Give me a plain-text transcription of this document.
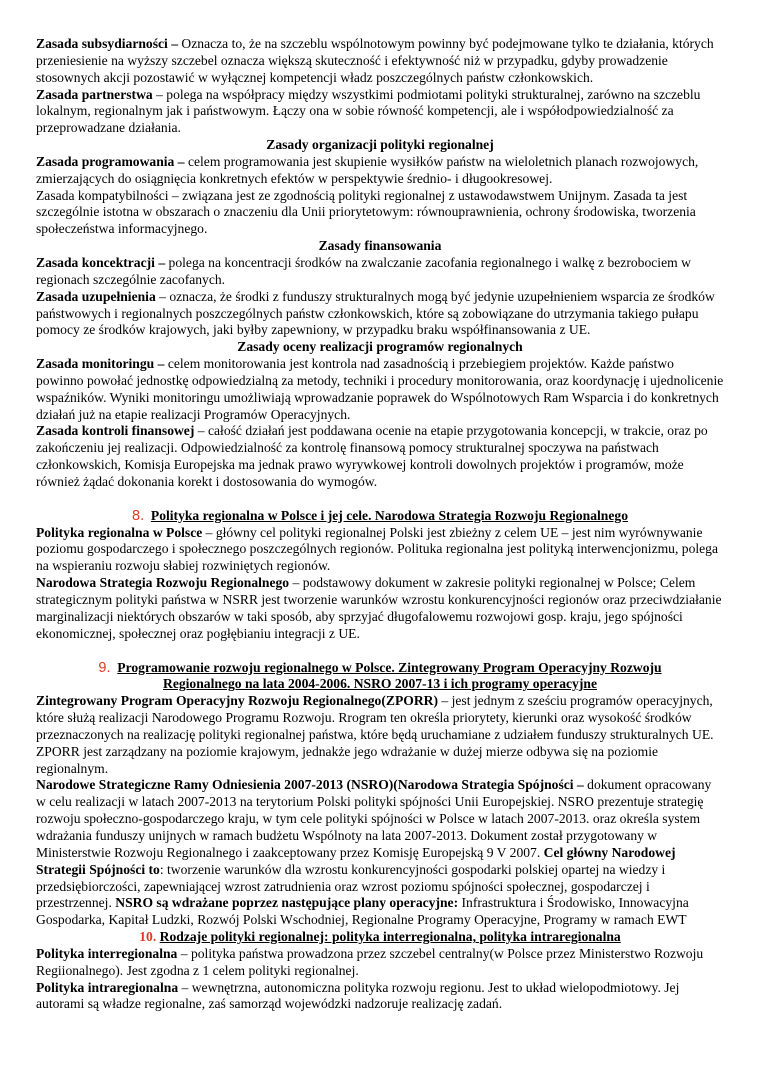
Zasada subsydiarności – Oznacza to, że na szczeblu wspólnotowym powinny być podejmowane tylko te działania, których przeniesienie na wyższy szczebel oznacza większą skuteczność i efektywność niż w przypadku, gdyby prowadzenie stosownych akcji pozostawić w wyłącznej kompetencji władz poszczególnych państw członkowskich.

Zasada partnerstwa – polega na współpracy między wszystkimi podmiotami polityki strukturalnej, zarówno na szczeblu lokalnym, regionalnym jak i państwowym. Łączy ona w sobie równość kompetencji, ale i współodpowiedzialność za przeprowadzane działania.

Zasady organizacji polityki regionalnej

Zasada programowania – celem programowania jest skupienie wysiłków państw na wieloletnich planach rozwojowych, zmierzających do osiągnięcia konkretnych efektów w perspektywie średnio- i długookresowej.

Zasada kompatybilności – związana jest ze zgodnością polityki regionalnej z ustawodawstwem Unijnym. Zasada ta jest szczególnie istotna w obszarach o znaczeniu dla Unii priorytetowym: równouprawnienia, ochrony środowiska, tworzenia społeczeństwa informacyjnego.

Zasady finansowania

Zasada koncektracji – polega na koncentracji środków na zwalczanie zacofania regionalnego i walkę z bezrobociem w regionach szczególnie zacofanych.

Zasada uzupełnienia – oznacza, że środki z funduszy strukturalnych mogą być jedynie uzupełnieniem wsparcia ze środków państwowych i regionalnych poszczególnych państw członkowskich, które są zobowiązane do utrzymania takiego pułapu pomocy ze środków krajowych, jaki byłby zapewniony, w przypadku braku współfinansowania z UE.

Zasady oceny realizacji programów regionalnych

Zasada monitoringu – celem monitorowania jest kontrola nad zasadnością i przebiegiem projektów. Każde państwo powinno powołać jednostkę odpowiedzialną za metody, techniki i procedury monitorowania, oraz koordynację i ujednolicenie wspaźników. Wyniki monitoringu umożliwiają wprowadzanie poprawek do Wspólnotowych Ram Wsparcia i do konkretnych działań już na etapie realizacji Programów Operacyjnych.

Zasada kontroli finansowej – całość działań jest poddawana ocenie na etapie przygotowania koncepcji, w trakcie, oraz po zakończeniu jej realizacji. Odpowiedzialność za kontrolę finansową pomocy strukturalnej spoczywa na państwach członkowskich, Komisja Europejska ma jednak prawo wyrywkowej kontroli dowolnych projektów i programów, może również żądać dokonania korekt i dostosowania do wymogów.

8. Polityka regionalna w Polsce i jej cele. Narodowa Strategia Rozwoju Regionalnego

Polityka regionalna w Polsce – główny cel polityki regionalnej Polski jest zbieżny z celem UE – jest nim wyrównywanie poziomu gospodarczego i społecznego poszczególnych regionów. Polituka regionalna jest polityką interwencjonizmu, polega na wspieraniu rozwoju słabiej rozwiniętych regionów.

Narodowa Strategia Rozwoju Regionalnego – podstawowy dokument w zakresie polityki regionalnej w Polsce; Celem strategicznym polityki państwa w NSRR jest tworzenie warunków wzrostu konkurencyjności regionów oraz przeciwdziałanie marginalizacji niektórych obszarów w taki sposób, aby sprzyjać długofalowemu rozwojowi gosp. kraju, jego spójności ekonomicznej, społecznej oraz pogłębianiu integracji z UE.

9. Programowanie rozwoju regionalnego w Polsce. Zintegrowany Program Operacyjny Rozwoju
Regionalnego na lata 2004-2006. NSRO 2007-13 i ich programy operacyjne

Zintegrowany Program Operacyjny Rozwoju Regionalnego(ZPORR) – jest jednym z sześciu programów operacyjnych, które służą realizacji Narodowego Programu Rozwoju. Rrogram ten określa priorytety, kierunki oraz wysokość środków przeznaczonych na realizację polityki regionalnej państwa, które będą uruchamiane z udziałem funduszy strukturalnych UE. ZPORR jest zarządzany na poziomie krajowym, jednakże jego wdrażanie w dużej mierze odbywa się na poziomie regionalnym.

Narodowe Strategiczne Ramy Odniesienia 2007-2013 (NSRO)(Narodowa Strategia Spójności – dokument opracowany w celu realizacji w latach 2007-2013 na terytorium Polski polityki spójności Unii Europejskiej. NSRO prezentuje strategię rozwoju społeczno-gospodarczego kraju, w tym cele polityki spójności w Polsce w latach 2007-2013. oraz określa system wdrażania funduszy unijnych w ramach budżetu Wspólnoty na lata 2007-2013. Dokument został przygotowany w Ministerstwie Rozwoju Regionalnego i zaakceptowany przez Komisję Europejską 9 V 2007. Cel główny Narodowej Strategii Spójności to: tworzenie warunków dla wzrostu konkurencyjności gospodarki polskiej opartej na wiedzy i przedsiębiorczości, zapewniającej wzrost zatrudnienia oraz wzrost poziomu spójności społecznej, gospodarczej i przestrzennej. NSRO są wdrażane poprzez następujące plany operacyjne: Infrastruktura i Środowisko, Innowacyjna Gospodarka, Kapitał Ludzki, Rozwój Polski Wschodniej, Regionalne Programy Operacyjne, Programy w ramach EWT

10. Rodzaje polityki regionalnej: polityka interregionalna, polityka intraregionalna

Polityka interregionalna – polityka państwa prowadzona przez szczebel centralny(w Polsce przez Ministerstwo Rozwoju Regiionalnego). Jest zgodna z 1 celem polityki regionalnej.

Polityka intraregionalna – wewnętrzna, autonomiczna polityka rozwoju regionu. Jest to układ wielopodmiotowy. Jej autorami są władze regionalne, zaś samorząd wojewódzki nadzoruje realizację zadań.
